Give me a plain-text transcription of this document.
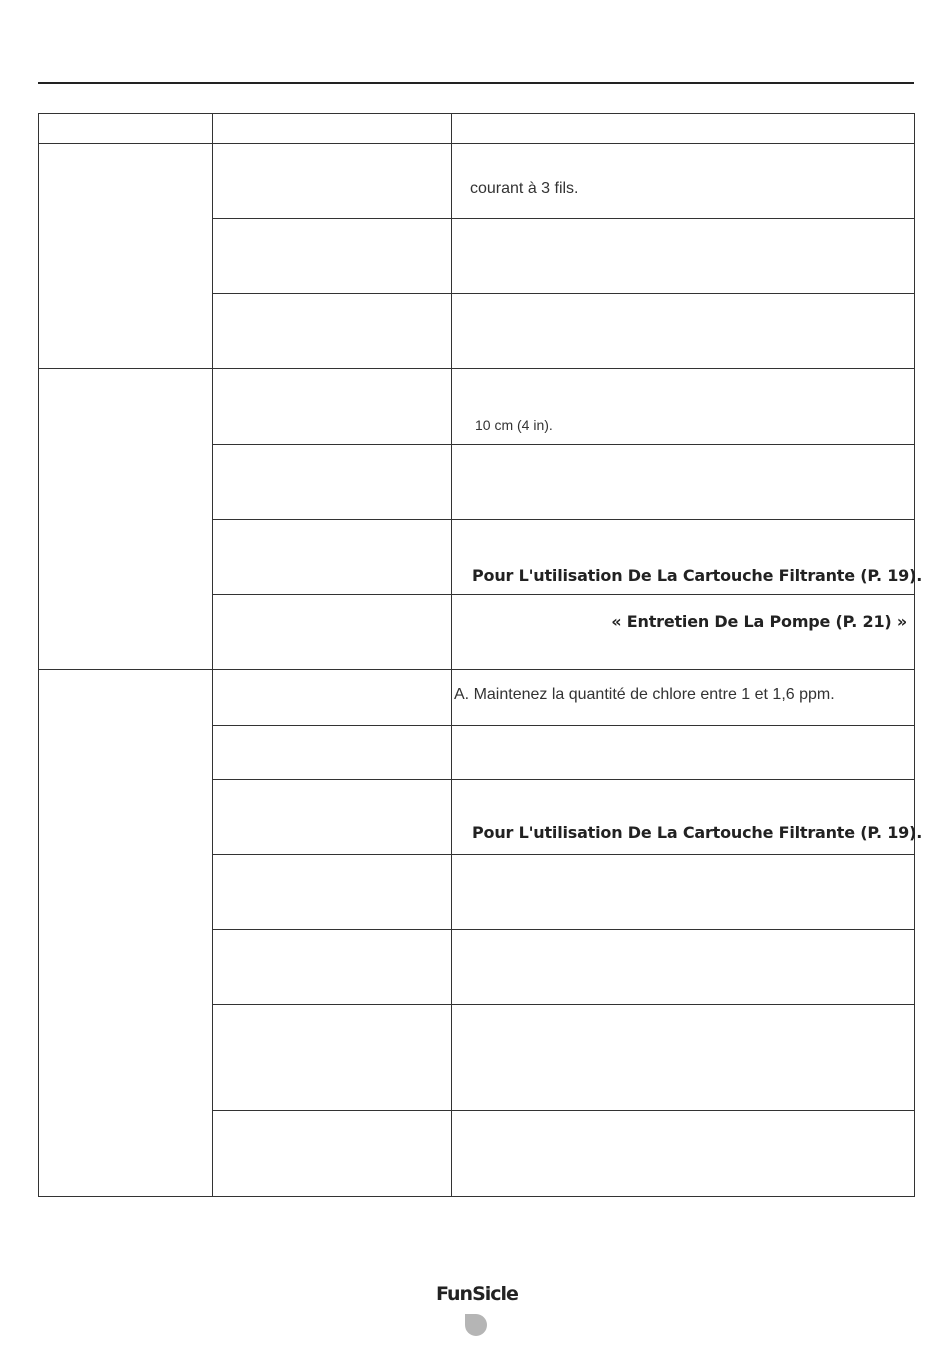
courant à 3 fils.
10 cm (4 in).
Pour L'utilisation De La Cartouche Filtrante (P. 19).
« Entretien De La Pompe (P. 21) »
A. Maintenez la quantité de chlore entre 1 et 1,6 ppm.
Pour L'utilisation De La Cartouche Filtrante (P. 19).
FunSicle
